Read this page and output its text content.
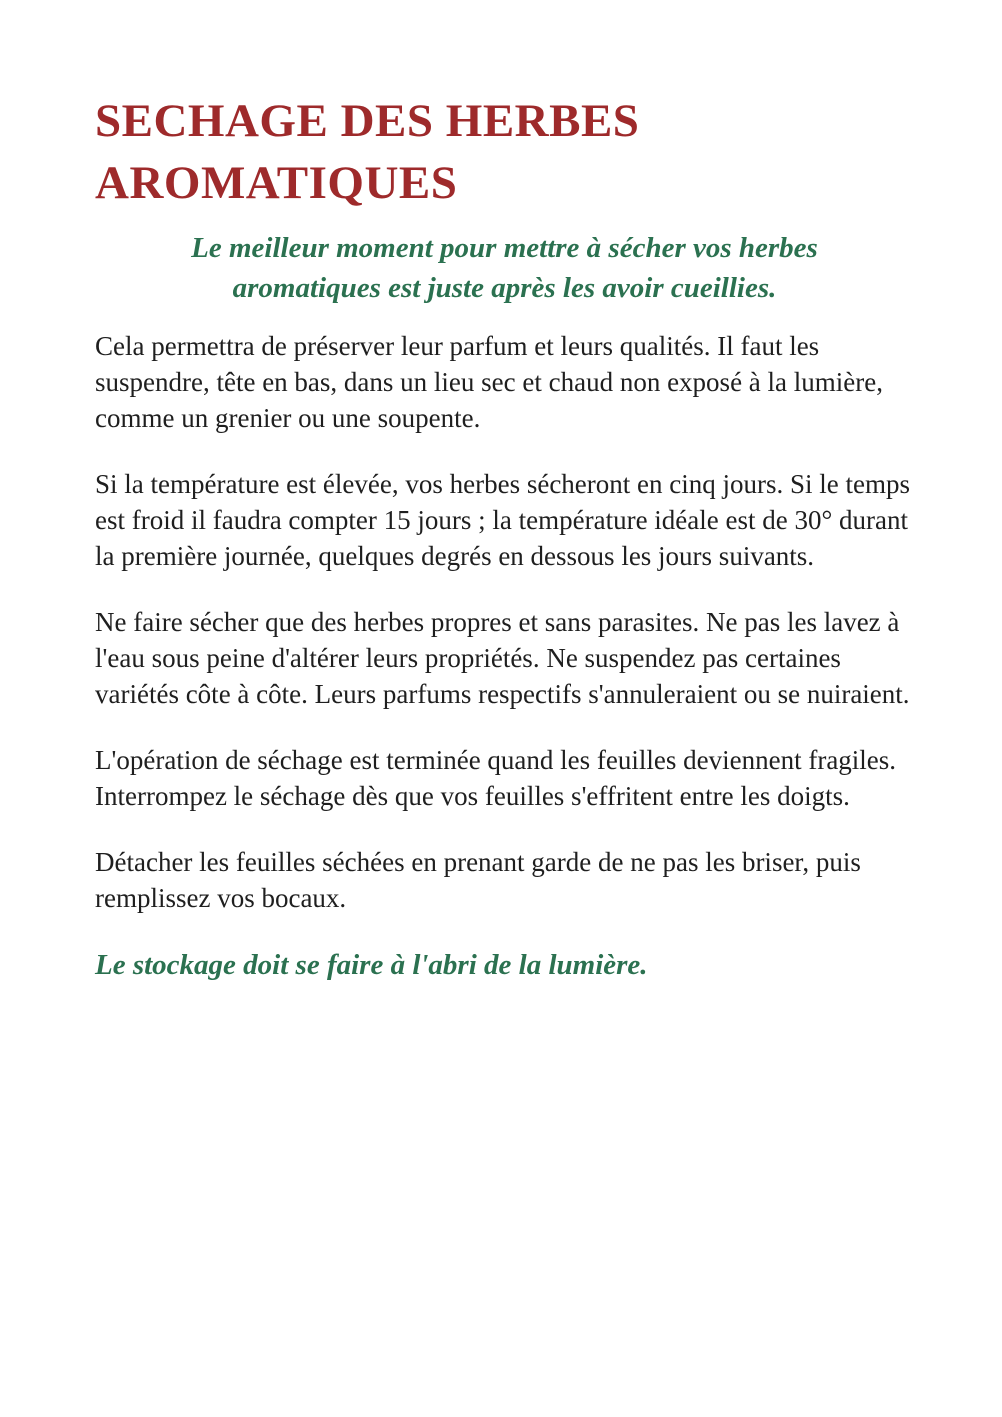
SECHAGE DES HERBES AROMATIQUES
Le meilleur moment pour mettre à sécher vos herbes aromatiques est juste après les avoir cueillies.

Cela permettra de préserver leur parfum et leurs qualités. Il faut les suspendre, tête en bas, dans un lieu sec et chaud non exposé à la lumière, comme un grenier ou une soupente.

Si la température est élevée, vos herbes sécheront en cinq jours. Si le temps est froid il faudra compter 15 jours ; la température idéale est de 30° durant la première journée, quelques degrés en dessous les jours suivants.

Ne faire sécher que des herbes propres et sans parasites. Ne pas les lavez à l'eau sous peine d'altérer leurs propriétés. Ne suspendez pas certaines variétés côte à côte. Leurs parfums respectifs s'annuleraient ou se nuiraient.

L'opération de séchage est terminée quand les feuilles deviennent fragiles. Interrompez le séchage dès que vos feuilles s'effritent entre les doigts.

Détacher les feuilles séchées en prenant garde de ne pas les briser, puis remplissez vos bocaux.

Le stockage doit se faire à l'abri de la lumière.
